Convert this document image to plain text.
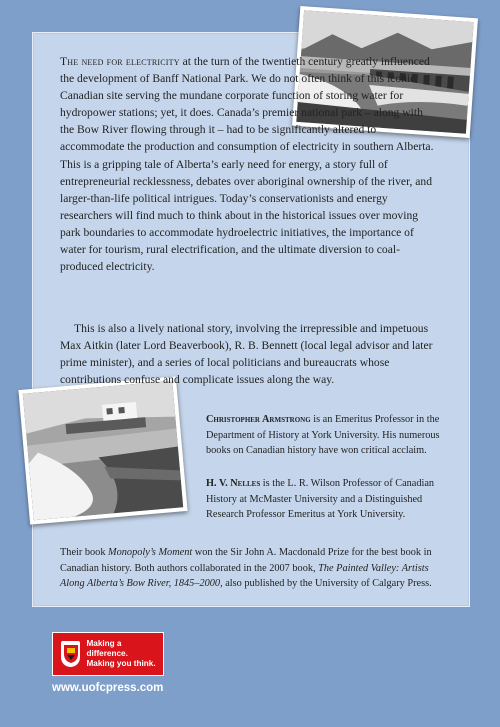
The need for electricity at the turn of the twentieth century greatly influenced the development of Banff National Park. We do not often think of this iconic Canadian site serving the mundane corporate function of storing water for hydropower stations; yet, it does. Canada’s premier national park – along with the Bow River flowing through it – had to be significantly altered to accommodate the production and consumption of electricity in southern Alberta. This is a gripping tale of Alberta’s early need for energy, a story full of entrepreneurial recklessness, debates over aboriginal ownership of the river, and larger-than-life political intrigues. Today’s conservationists and energy researchers will find much to think about in the historical issues over moving park boundaries to accommodate hydroelectric initiatives, the importance of water for tourism, rural electrification, and the ultimate diversion to coal-produced electricity.

This is also a lively national story, involving the irrepressible and impetuous Max Aitkin (later Lord Beaverbook), R. B. Bennett (local legal advisor and later prime minister), and a series of local politicians and bureaucrats whose contributions confuse and complicate issues along the way.

Christopher Armstrong is an Emeritus Professor in the Department of History at York University. His numerous books on Canadian history have won critical acclaim.

H. V. Nelles is the L. R. Wilson Professor of Canadian History at McMaster University and a Distinguished Research Professor Emeritus at York University.

Their book Monopoly’s Moment won the Sir John A. Macdonald Prize for the best book in Canadian history. Both authors collaborated in the 2007 book, The Painted Valley: Artists Along Alberta’s Bow River, 1845–2000, also published by the University of Calgary Press.

Making a difference.
Making you think.
www.uofcpress.com
